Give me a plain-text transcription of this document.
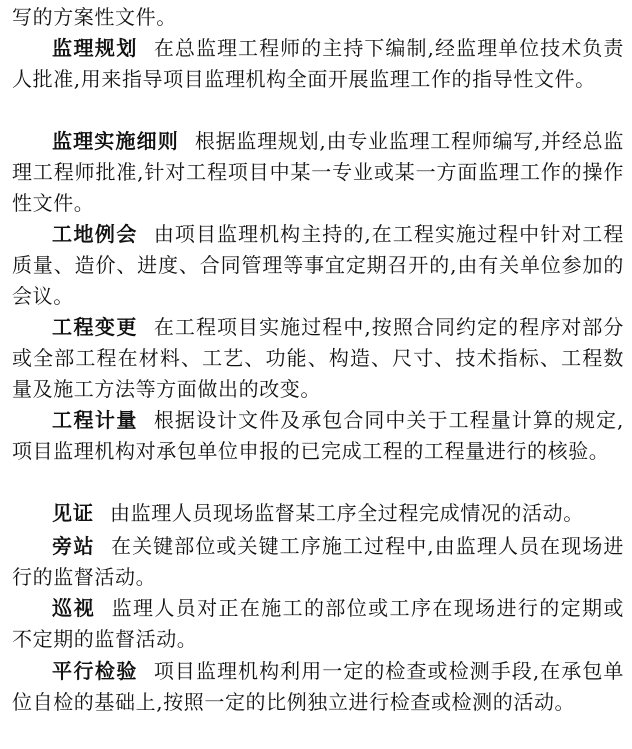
写的方案性文件。

监理规划 在总监理工程师的主持下编制,经监理单位技术负责人批准,用来指导项目监理机构全面开展监理工作的指导性文件。

监理实施细则 根据监理规划,由专业监理工程师编写,并经总监理工程师批准,针对工程项目中某一专业或某一方面监理工作的操作性文件。

工地例会 由项目监理机构主持的,在工程实施过程中针对工程质量、造价、进度、合同管理等事宜定期召开的,由有关单位参加的会议。

工程变更 在工程项目实施过程中,按照合同约定的程序对部分或全部工程在材料、工艺、功能、构造、尺寸、技术指标、工程数量及施工方法等方面做出的改变。

工程计量 根据设计文件及承包合同中关于工程量计算的规定,项目监理机构对承包单位申报的已完成工程的工程量进行的核验。

见证 由监理人员现场监督某工序全过程完成情况的活动。

旁站 在关键部位或关键工序施工过程中,由监理人员在现场进行的监督活动。

巡视 监理人员对正在施工的部位或工序在现场进行的定期或不定期的监督活动。

平行检验 项目监理机构利用一定的检查或检测手段,在承包单位自检的基础上,按照一定的比例独立进行检查或检测的活动。
